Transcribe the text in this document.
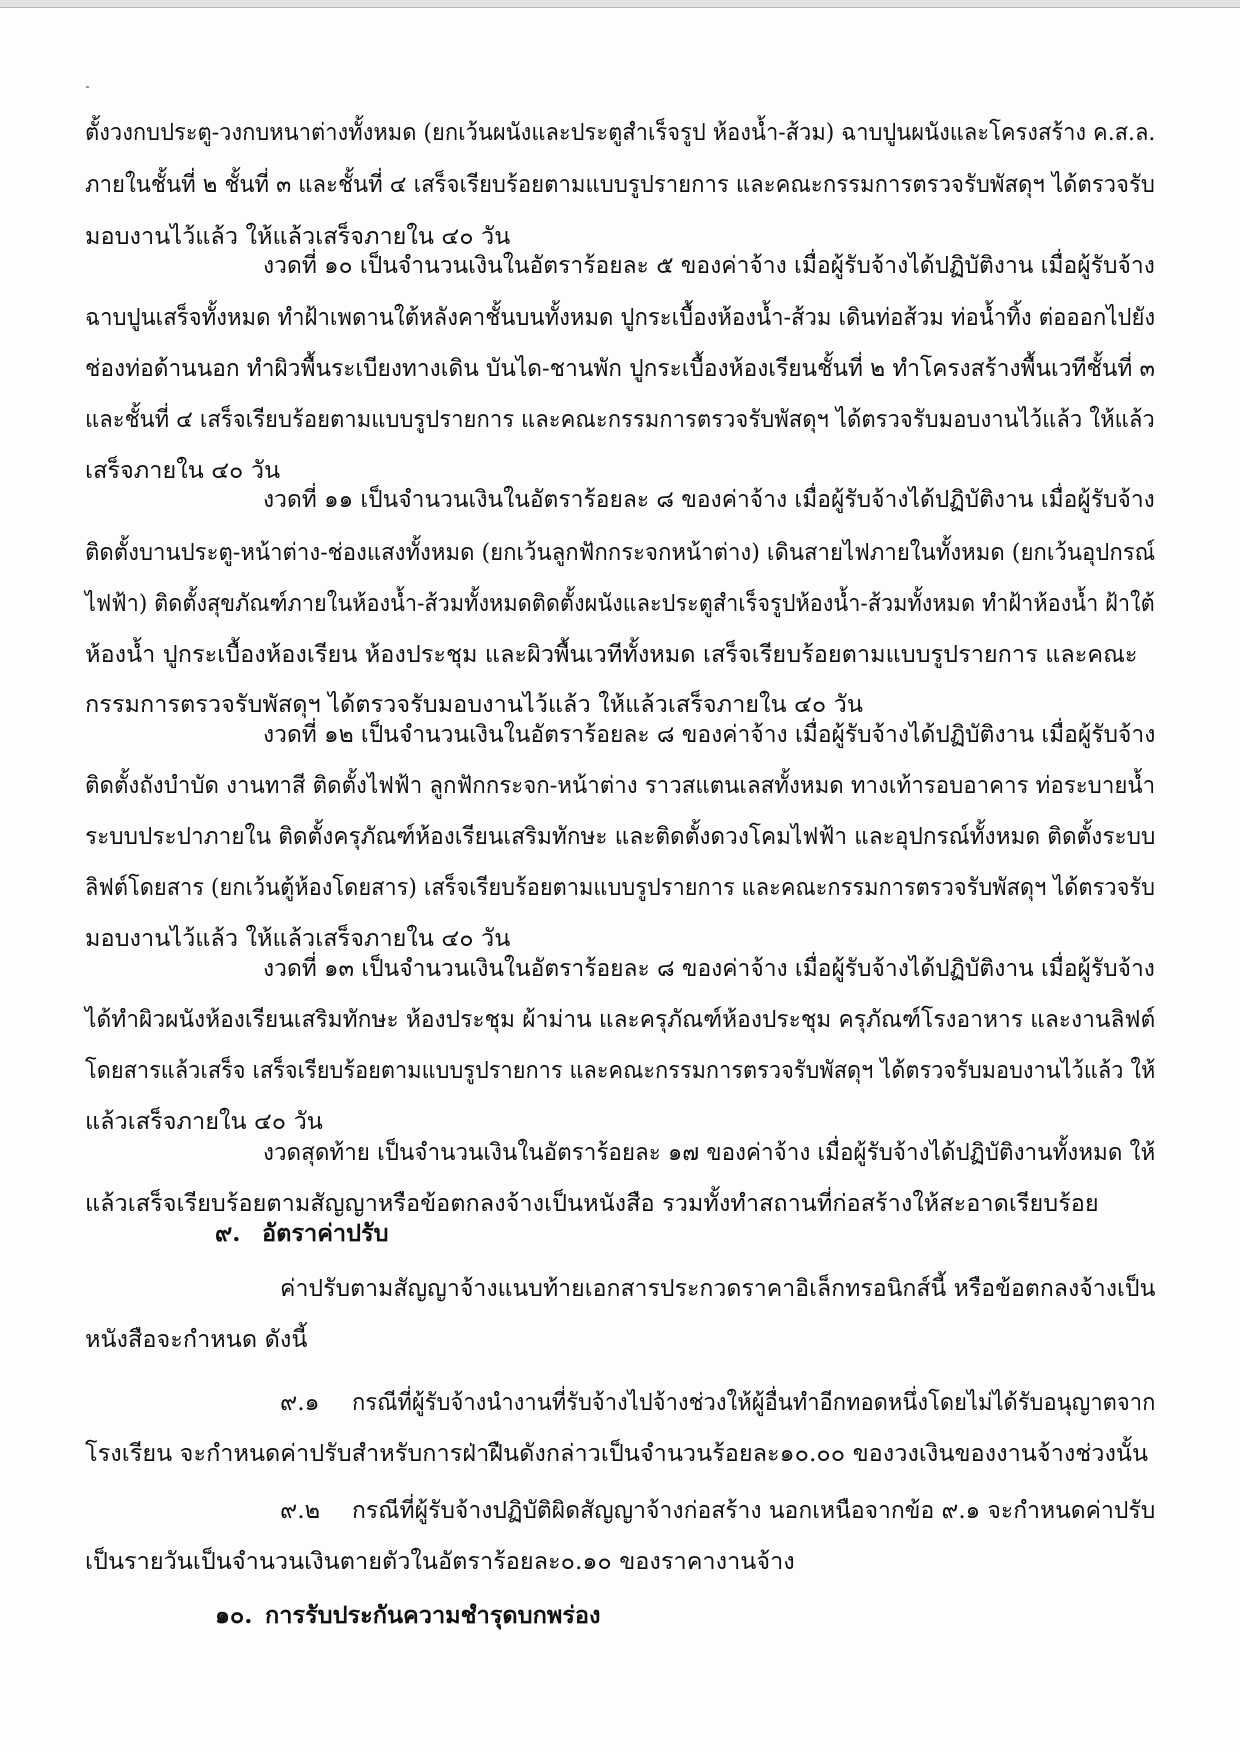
ตั้งวงกบประตู-วงกบหนาต่างทั้งหมด (ยกเว้นผนังและประตูสำเร็จรูป ห้องน้ำ-ส้วม) ฉาบปูนผนังและโครงสร้าง ค.ส.ล.
ภายในชั้นที่ ๒ ชั้นที่ ๓ และชั้นที่ ๔ เสร็จเรียบร้อยตามแบบรูปรายการ และคณะกรรมการตรวจรับพัสดุฯ ได้ตรวจรับ
มอบงานไว้แล้ว ให้แล้วเสร็จภายใน ๔๐ วัน
งวดที่ ๑๐ เป็นจำนวนเงินในอัตราร้อยละ ๕ ของค่าจ้าง เมื่อผู้รับจ้างได้ปฏิบัติงาน เมื่อผู้รับจ้าง
ฉาบปูนเสร็จทั้งหมด ทำฝ้าเพดานใต้หลังคาชั้นบนทั้งหมด ปูกระเบื้องห้องน้ำ-ส้วม เดินท่อส้วม ท่อน้ำทิ้ง ต่อออกไปยัง
ช่องท่อด้านนอก ทำผิวพื้นระเบียงทางเดิน บันได-ชานพัก ปูกระเบื้องห้องเรียนชั้นที่ ๒ ทำโครงสร้างพื้นเวทีชั้นที่ ๓
และชั้นที่ ๔ เสร็จเรียบร้อยตามแบบรูปรายการ และคณะกรรมการตรวจรับพัสดุฯ ได้ตรวจรับมอบงานไว้แล้ว ให้แล้ว
เสร็จภายใน ๔๐ วัน
งวดที่ ๑๑ เป็นจำนวนเงินในอัตราร้อยละ ๘ ของค่าจ้าง เมื่อผู้รับจ้างได้ปฏิบัติงาน เมื่อผู้รับจ้าง
ติดตั้งบานประตู-หน้าต่าง-ช่องแสงทั้งหมด (ยกเว้นลูกฟักกระจกหน้าต่าง) เดินสายไฟภายในทั้งหมด (ยกเว้นอุปกรณ์
ไฟฟ้า) ติดตั้งสุขภัณฑ์ภายในห้องน้ำ-ส้วมทั้งหมดติดตั้งผนังและประตูสำเร็จรูปห้องน้ำ-ส้วมทั้งหมด ทำฝ้าห้องน้ำ ฝ้าใต้
ห้องน้ำ ปูกระเบื้องห้องเรียน ห้องประชุม และผิวพื้นเวทีทั้งหมด เสร็จเรียบร้อยตามแบบรูปรายการ และคณะ
กรรมการตรวจรับพัสดุฯ ได้ตรวจรับมอบงานไว้แล้ว ให้แล้วเสร็จภายใน ๔๐ วัน
งวดที่ ๑๒ เป็นจำนวนเงินในอัตราร้อยละ ๘ ของค่าจ้าง เมื่อผู้รับจ้างได้ปฏิบัติงาน เมื่อผู้รับจ้าง
ติดตั้งถังบำบัด งานทาสี ติดตั้งไฟฟ้า ลูกฟักกระจก-หน้าต่าง ราวสแตนเลสทั้งหมด ทางเท้ารอบอาคาร ท่อระบายน้ำ
ระบบประปาภายใน ติดตั้งครุภัณฑ์ห้องเรียนเสริมทักษะ และติดตั้งดวงโคมไฟฟ้า และอุปกรณ์ทั้งหมด ติดตั้งระบบ
ลิฟต์โดยสาร (ยกเว้นตู้ห้องโดยสาร) เสร็จเรียบร้อยตามแบบรูปรายการ และคณะกรรมการตรวจรับพัสดุฯ ได้ตรวจรับ
มอบงานไว้แล้ว ให้แล้วเสร็จภายใน ๔๐ วัน
งวดที่ ๑๓ เป็นจำนวนเงินในอัตราร้อยละ ๘ ของค่าจ้าง เมื่อผู้รับจ้างได้ปฏิบัติงาน เมื่อผู้รับจ้าง
ได้ทำผิวผนังห้องเรียนเสริมทักษะ ห้องประชุม ผ้าม่าน และครุภัณฑ์ห้องประชุม ครุภัณฑ์โรงอาหาร และงานลิฟต์
โดยสารแล้วเสร็จ เสร็จเรียบร้อยตามแบบรูปรายการ และคณะกรรมการตรวจรับพัสดุฯ ได้ตรวจรับมอบงานไว้แล้ว ให้
แล้วเสร็จภายใน ๔๐ วัน
งวดสุดท้าย เป็นจำนวนเงินในอัตราร้อยละ ๑๗ ของค่าจ้าง เมื่อผู้รับจ้างได้ปฏิบัติงานทั้งหมด ให้
แล้วเสร็จเรียบร้อยตามสัญญาหรือข้อตกลงจ้างเป็นหนังสือ รวมทั้งทำสถานที่ก่อสร้างให้สะอาดเรียบร้อย
๙. อัตราค่าปรับ
ค่าปรับตามสัญญาจ้างแนบท้ายเอกสารประกวดราคาอิเล็กทรอนิกส์นี้ หรือข้อตกลงจ้างเป็น
หนังสือจะกำหนด ดังนี้
๙.๑ กรณีที่ผู้รับจ้างนำงานที่รับจ้างไปจ้างช่วงให้ผู้อื่นทำอีกทอดหนึ่งโดยไม่ได้รับอนุญาตจาก
โรงเรียน จะกำหนดค่าปรับสำหรับการฝ่าฝืนดังกล่าวเป็นจำนวนร้อยละ๑๐.๐๐ ของวงเงินของงานจ้างช่วงนั้น
๙.๒ กรณีที่ผู้รับจ้างปฏิบัติผิดสัญญาจ้างก่อสร้าง นอกเหนือจากข้อ ๙.๑ จะกำหนดค่าปรับ
เป็นรายวันเป็นจำนวนเงินตายตัวในอัตราร้อยละ๐.๑๐ ของราคางานจ้าง
๑๐. การรับประกันความชำรุดบกพร่อง
